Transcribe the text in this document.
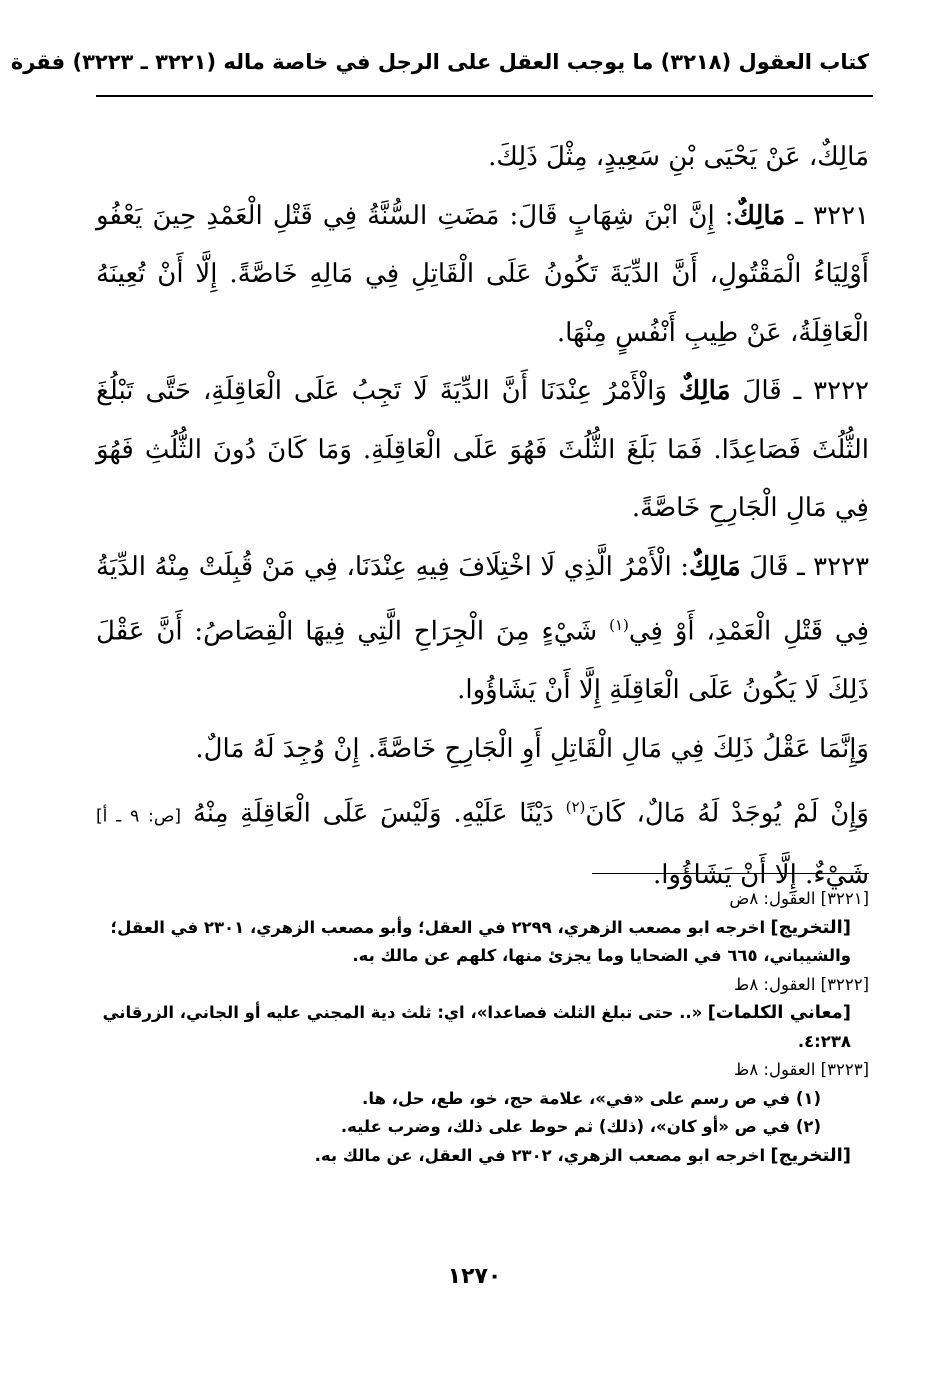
كتاب العقول (٣٢١٨) ما يوجب العقل على الرجل في خاصة ماله (٣٢٢١ ـ ٣٢٢٣) فقرة

مَالِكٌ، عَنْ يَحْيَى بْنِ سَعِيدٍ، مِثْلَ ذَلِكَ.

٣٢٢١ ـ مَالِكٌ: إِنَّ ابْنَ شِهَابٍ قَالَ: مَضَتِ السُّنَّةُ فِي قَتْلِ الْعَمْدِ حِينَ يَعْفُو أَوْلِيَاءُ الْمَقْتُولِ، أَنَّ الدِّيَةَ تَكُونُ عَلَى الْقَاتِلِ فِي مَالِهِ خَاصَّةً. إِلَّا أَنْ تُعِينَهُ الْعَاقِلَةُ، عَنْ طِيبِ أَنْفُسٍ مِنْهَا.

٣٢٢٢ ـ قَالَ مَالِكٌ وَالْأَمْرُ عِنْدَنَا أَنَّ الدِّيَةَ لَا تَجِبُ عَلَى الْعَاقِلَةِ، حَتَّى تَبْلُغَ الثُّلُثَ فَصَاعِدًا. فَمَا بَلَغَ الثُّلُثَ فَهُوَ عَلَى الْعَاقِلَةِ. وَمَا كَانَ دُونَ الثُّلُثِ فَهُوَ فِي مَالِ الْجَارِحِ خَاصَّةً.

٣٢٢٣ ـ قَالَ مَالِكٌ: الْأَمْرُ الَّذِي لَا اخْتِلَافَ فِيهِ عِنْدَنَا، فِي مَنْ قُبِلَتْ مِنْهُ الدِّيَةُ فِي قَتْلِ الْعَمْدِ، أَوْ فِي$^{(١)}$ شَيْءٍ مِنَ الْجِرَاحِ الَّتِي فِيهَا الْقِصَاصُ: أَنَّ عَقْلَ ذَلِكَ لَا يَكُونُ عَلَى الْعَاقِلَةِ إِلَّا أَنْ يَشَاؤُوا.

وَإِنَّمَا عَقْلُ ذَلِكَ فِي مَالِ الْقَاتِلِ أَوِ الْجَارِحِ خَاصَّةً. إِنْ وُجِدَ لَهُ مَالٌ.

وَإِنْ لَمْ يُوجَدْ لَهُ مَالٌ، كَانَ$^{(٢)}$ دَيْنًا عَلَيْهِ. وَلَيْسَ عَلَى الْعَاقِلَةِ مِنْهُ [ص: ٩ ـ أ] شَيْءٌ. إِلَّا أَنْ يَشَاؤُوا.

[٣٢٢١] العقول: ٨ض
[التخريج] اخرجه ابو مصعب الزهري، ٢٢٩٩ في العقل؛ وأبو مصعب الزهري، ٢٣٠١ في العقل؛ والشيباني، ٦٦٥ في الضحايا وما يجزئ منها، كلهم عن مالك به.
[٣٢٢٢] العقول: ٨ط
[معاني الكلمات] «.. حتى تبلغ الثلث فصاعدا»، اي: ثلث دية المجني عليه أو الجاني، الزرقاني ٤:٢٣٨.
[٣٢٢٣] العقول: ٨ظ
(١) في ص رسم على «في»، علامة حج، خو، طع، حل، ها.
(٢) في ص «أو كان»، (ذلك) ثم حوط على ذلك، وضرب عليه.
[التخريج] اخرجه ابو مصعب الزهري، ٢٣٠٢ في العقل، عن مالك به.
١٢٧٠
